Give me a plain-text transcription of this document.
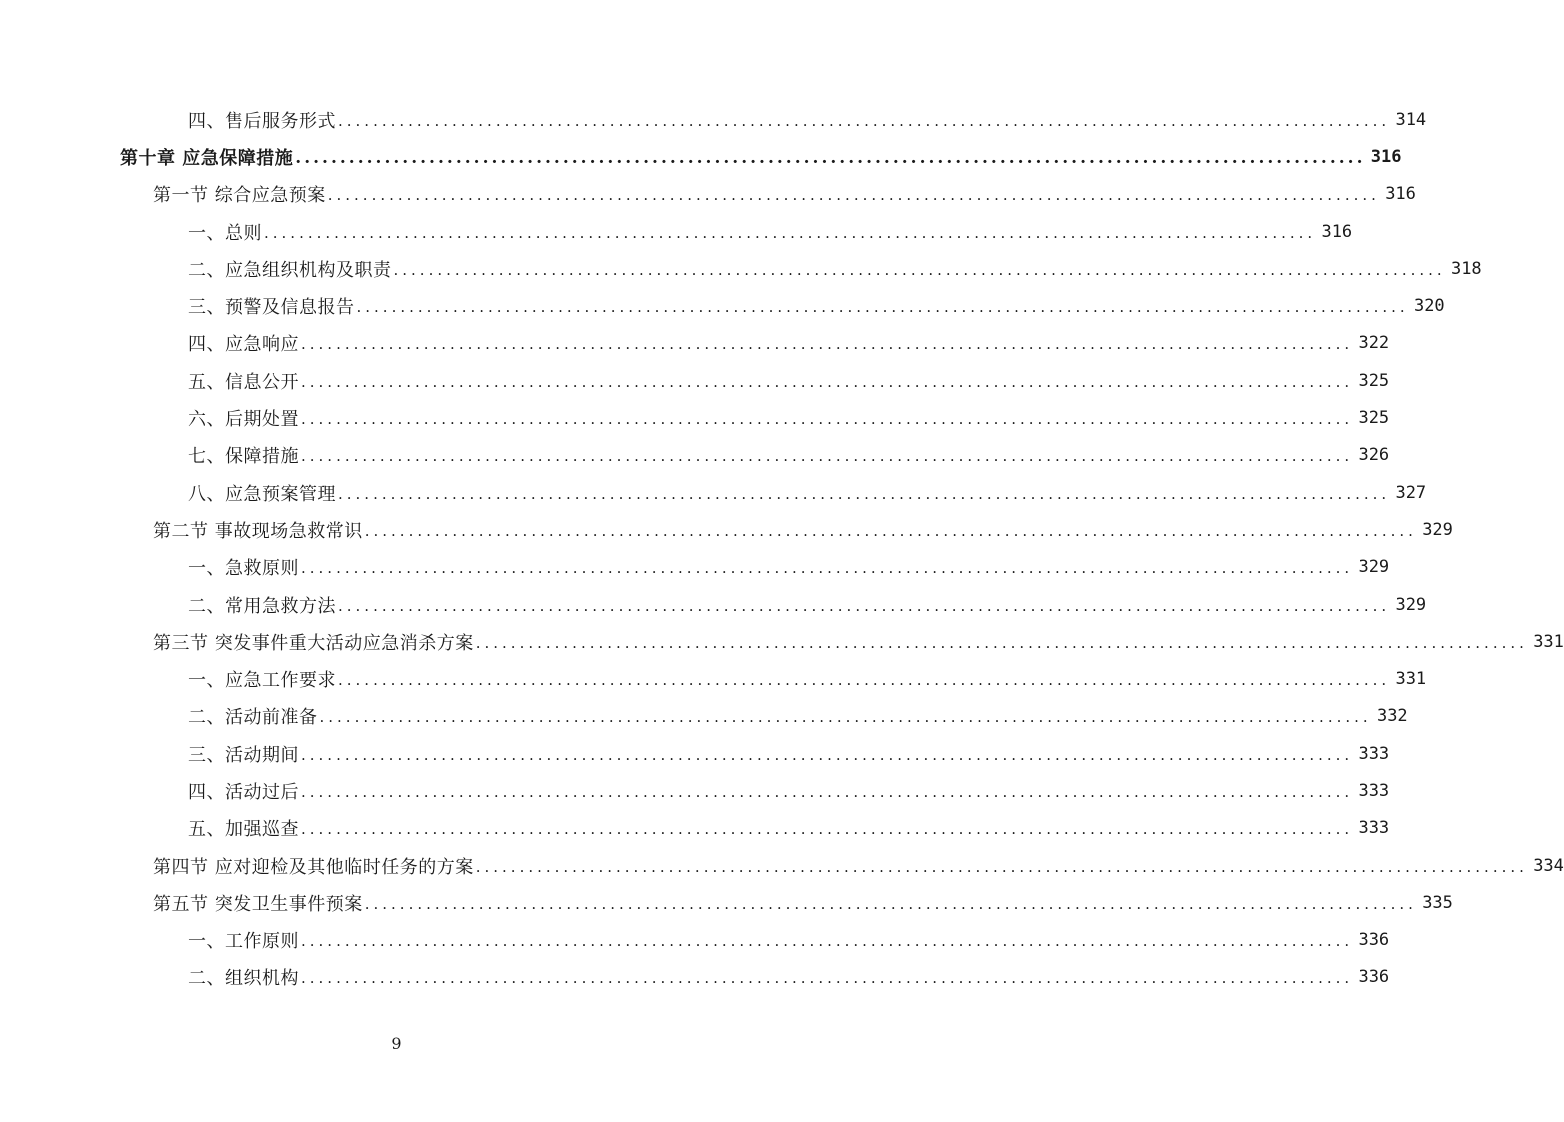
四、售后服务形式 ........................................................................................................................ 314
第十章 应急保障措施 ........................................................................................................................ 316
第一节 综合应急预案 ........................................................................................................................ 316
一、总则 ........................................................................................................................ 316
二、应急组织机构及职责 ........................................................................................................................ 318
三、预警及信息报告 ........................................................................................................................ 320
四、应急响应 ........................................................................................................................ 322
五、信息公开 ........................................................................................................................ 325
六、后期处置 ........................................................................................................................ 325
七、保障措施 ........................................................................................................................ 326
八、应急预案管理 ........................................................................................................................ 327
第二节 事故现场急救常识 ........................................................................................................................ 329
一、急救原则 ........................................................................................................................ 329
二、常用急救方法 ........................................................................................................................ 329
第三节 突发事件重大活动应急消杀方案 ........................................................................................................................ 331
一、应急工作要求 ........................................................................................................................ 331
二、活动前准备 ........................................................................................................................ 332
三、活动期间 ........................................................................................................................ 333
四、活动过后 ........................................................................................................................ 333
五、加强巡查 ........................................................................................................................ 333
第四节 应对迎检及其他临时任务的方案 ........................................................................................................................ 334
第五节 突发卫生事件预案 ........................................................................................................................ 335
一、工作原则 ........................................................................................................................ 336
二、组织机构 ........................................................................................................................ 336
9
